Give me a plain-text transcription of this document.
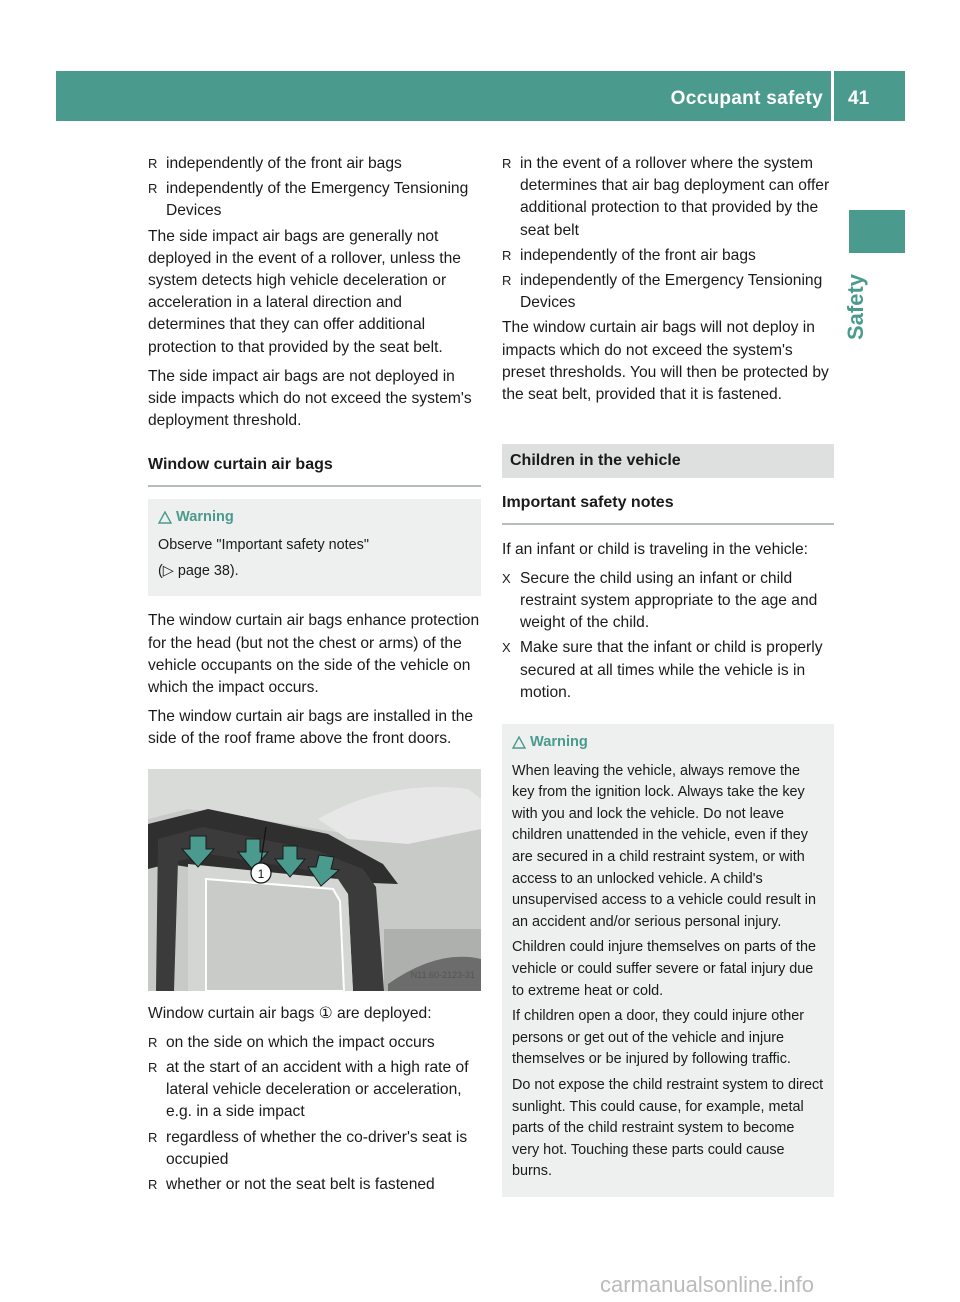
Occupant safety 41
Safety
R independently of the front air bags
R independently of the Emergency Tensioning Devices

The side impact air bags are generally not deployed in the event of a rollover, unless the system detects high vehicle deceleration or acceleration in a lateral direction and determines that they can offer additional protection to that provided by the seat belt.

The side impact air bags are not deployed in side impacts which do not exceed the system's deployment threshold.

Window curtain air bags
Warning

Observe "Important safety notes"

(▷ page 38).

The window curtain air bags enhance protection for the head (but not the chest or arms) of the vehicle occupants on the side of the vehicle on which the impact occurs.

The window curtain air bags are installed in the side of the roof frame above the front doors.

1
N11.60-2123-31

Window curtain air bags ① are deployed:

R on the side on which the impact occurs
R at the start of an accident with a high rate of lateral vehicle deceleration or acceleration, e.g. in a side impact
R regardless of whether the co-driver's seat is occupied
R whether or not the seat belt is fastened
R in the event of a rollover where the system determines that air bag deployment can offer additional protection to that provided by the seat belt
R independently of the front air bags
R independently of the Emergency Tensioning Devices

The window curtain air bags will not deploy in impacts which do not exceed the system's preset thresholds. You will then be protected by the seat belt, provided that it is fastened.

Children in the vehicle
Important safety notes

If an infant or child is traveling in the vehicle:

X Secure the child using an infant or child restraint system appropriate to the age and weight of the child.
X Make sure that the infant or child is properly secured at all times while the vehicle is in motion.
Warning

When leaving the vehicle, always remove the key from the ignition lock. Always take the key with you and lock the vehicle. Do not leave children unattended in the vehicle, even if they are secured in a child restraint system, or with access to an unlocked vehicle. A child's unsupervised access to a vehicle could result in an accident and/or serious personal injury.

Children could injure themselves on parts of the vehicle or could suffer severe or fatal injury due to extreme heat or cold.

If children open a door, they could injure other persons or get out of the vehicle and injure themselves or be injured by following traffic.

Do not expose the child restraint system to direct sunlight. This could cause, for example, metal parts of the child restraint system to become very hot. Touching these parts could cause burns.

carmanualsonline.info
